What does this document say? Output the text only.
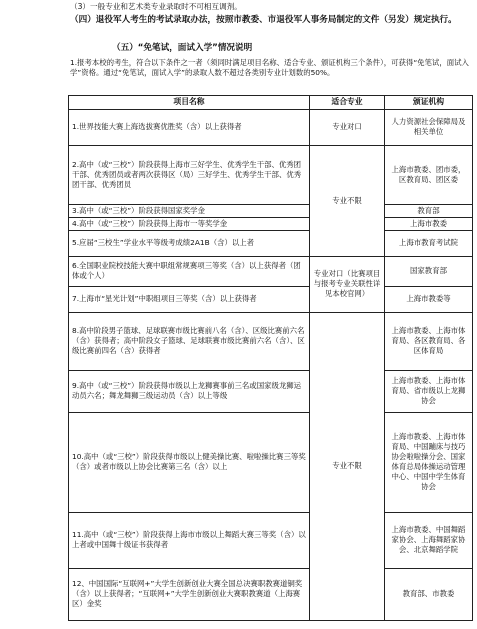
（3）一般专业和艺术类专业录取时不可相互调剂。
（四）退役军人考生的考试录取办法，按照市教委、市退役军人事务局制定的文件（另发）规定执行。
（五）“免笔试，面试入学”情况说明
1.报考本校的考生，符合以下条件之一者（须同时满足项目名称、适合专业、颁证机构三个条件），可获得“免笔试，面试入学”资格。通过“免笔试，面试入学”的录取人数不超过各类别专业计划数的50%。
项目名称	适合专业	颁证机构
1.世界技能大赛上海选拔赛优胜奖（含）以上获得者	专业对口	人力资源社会保障局及相关单位
2.高中（或“三校”）阶段获得上海市三好学生、优秀学生干部、优秀团干部、优秀团员或者两次获得区（局）三好学生、优秀学生干部、优秀团干部、优秀团员	专业不限	上海市教委、团市委，区教育局、团区委
3.高中（或“三校”）阶段获得国家奖学金		教育部
4.高中（或“三校”）阶段获得上海市一等奖学金		上海市教委
5.应届“三校生”学业水平等级考成绩2A1B（含）以上者		上海市教育考试院
6.全国职业院校技能大赛中职组常规赛项三等奖（含）以上获得者（团体或个人）	专业对口（比赛项目与报考专业关联性详见本校官网）	国家教育部
7.上海市“星光计划”中职组项目三等奖（含）以上获得者		上海市教委等
8.高中阶段男子篮球、足球联赛市级比赛前八名（含）、区级比赛前六名（含）获得者；高中阶段女子篮球、足球联赛市级比赛前六名（含）、区级比赛前四名（含）获得者	专业不限	上海市教委、上海市体育局、各区教育局、各区体育局
9.高中（或“三校”）阶段获得市级以上龙狮赛事前三名或国家级龙狮运动员六名；舞龙舞狮三级运动员（含）以上等级		上海市教委、上海市体育局、省市级以上龙狮协会
10.高中（或“三校”）阶段获得市级以上健美操比赛、啦啦操比赛三等奖（含）或者市级以上协会比赛第三名（含）以上		上海市教委、上海市体育局、中国蹦床与技巧协会啦啦操分会、国家体育总局体操运动管理中心、中国中学生体育协会
11.高中（或“三校”）阶段获得上海市市级以上舞蹈大赛三等奖（含）以上者或中国舞十级证书获得者		上海市教委、中国舞蹈家协会、上海舞蹈家协会、北京舞蹈学院
12、中国国际“互联网+”大学生创新创业大赛全国总决赛职教赛道铜奖（含）以上获得者；“互联网+”大学生创新创业大赛职教赛道（上海赛区）金奖		教育部、市教委
